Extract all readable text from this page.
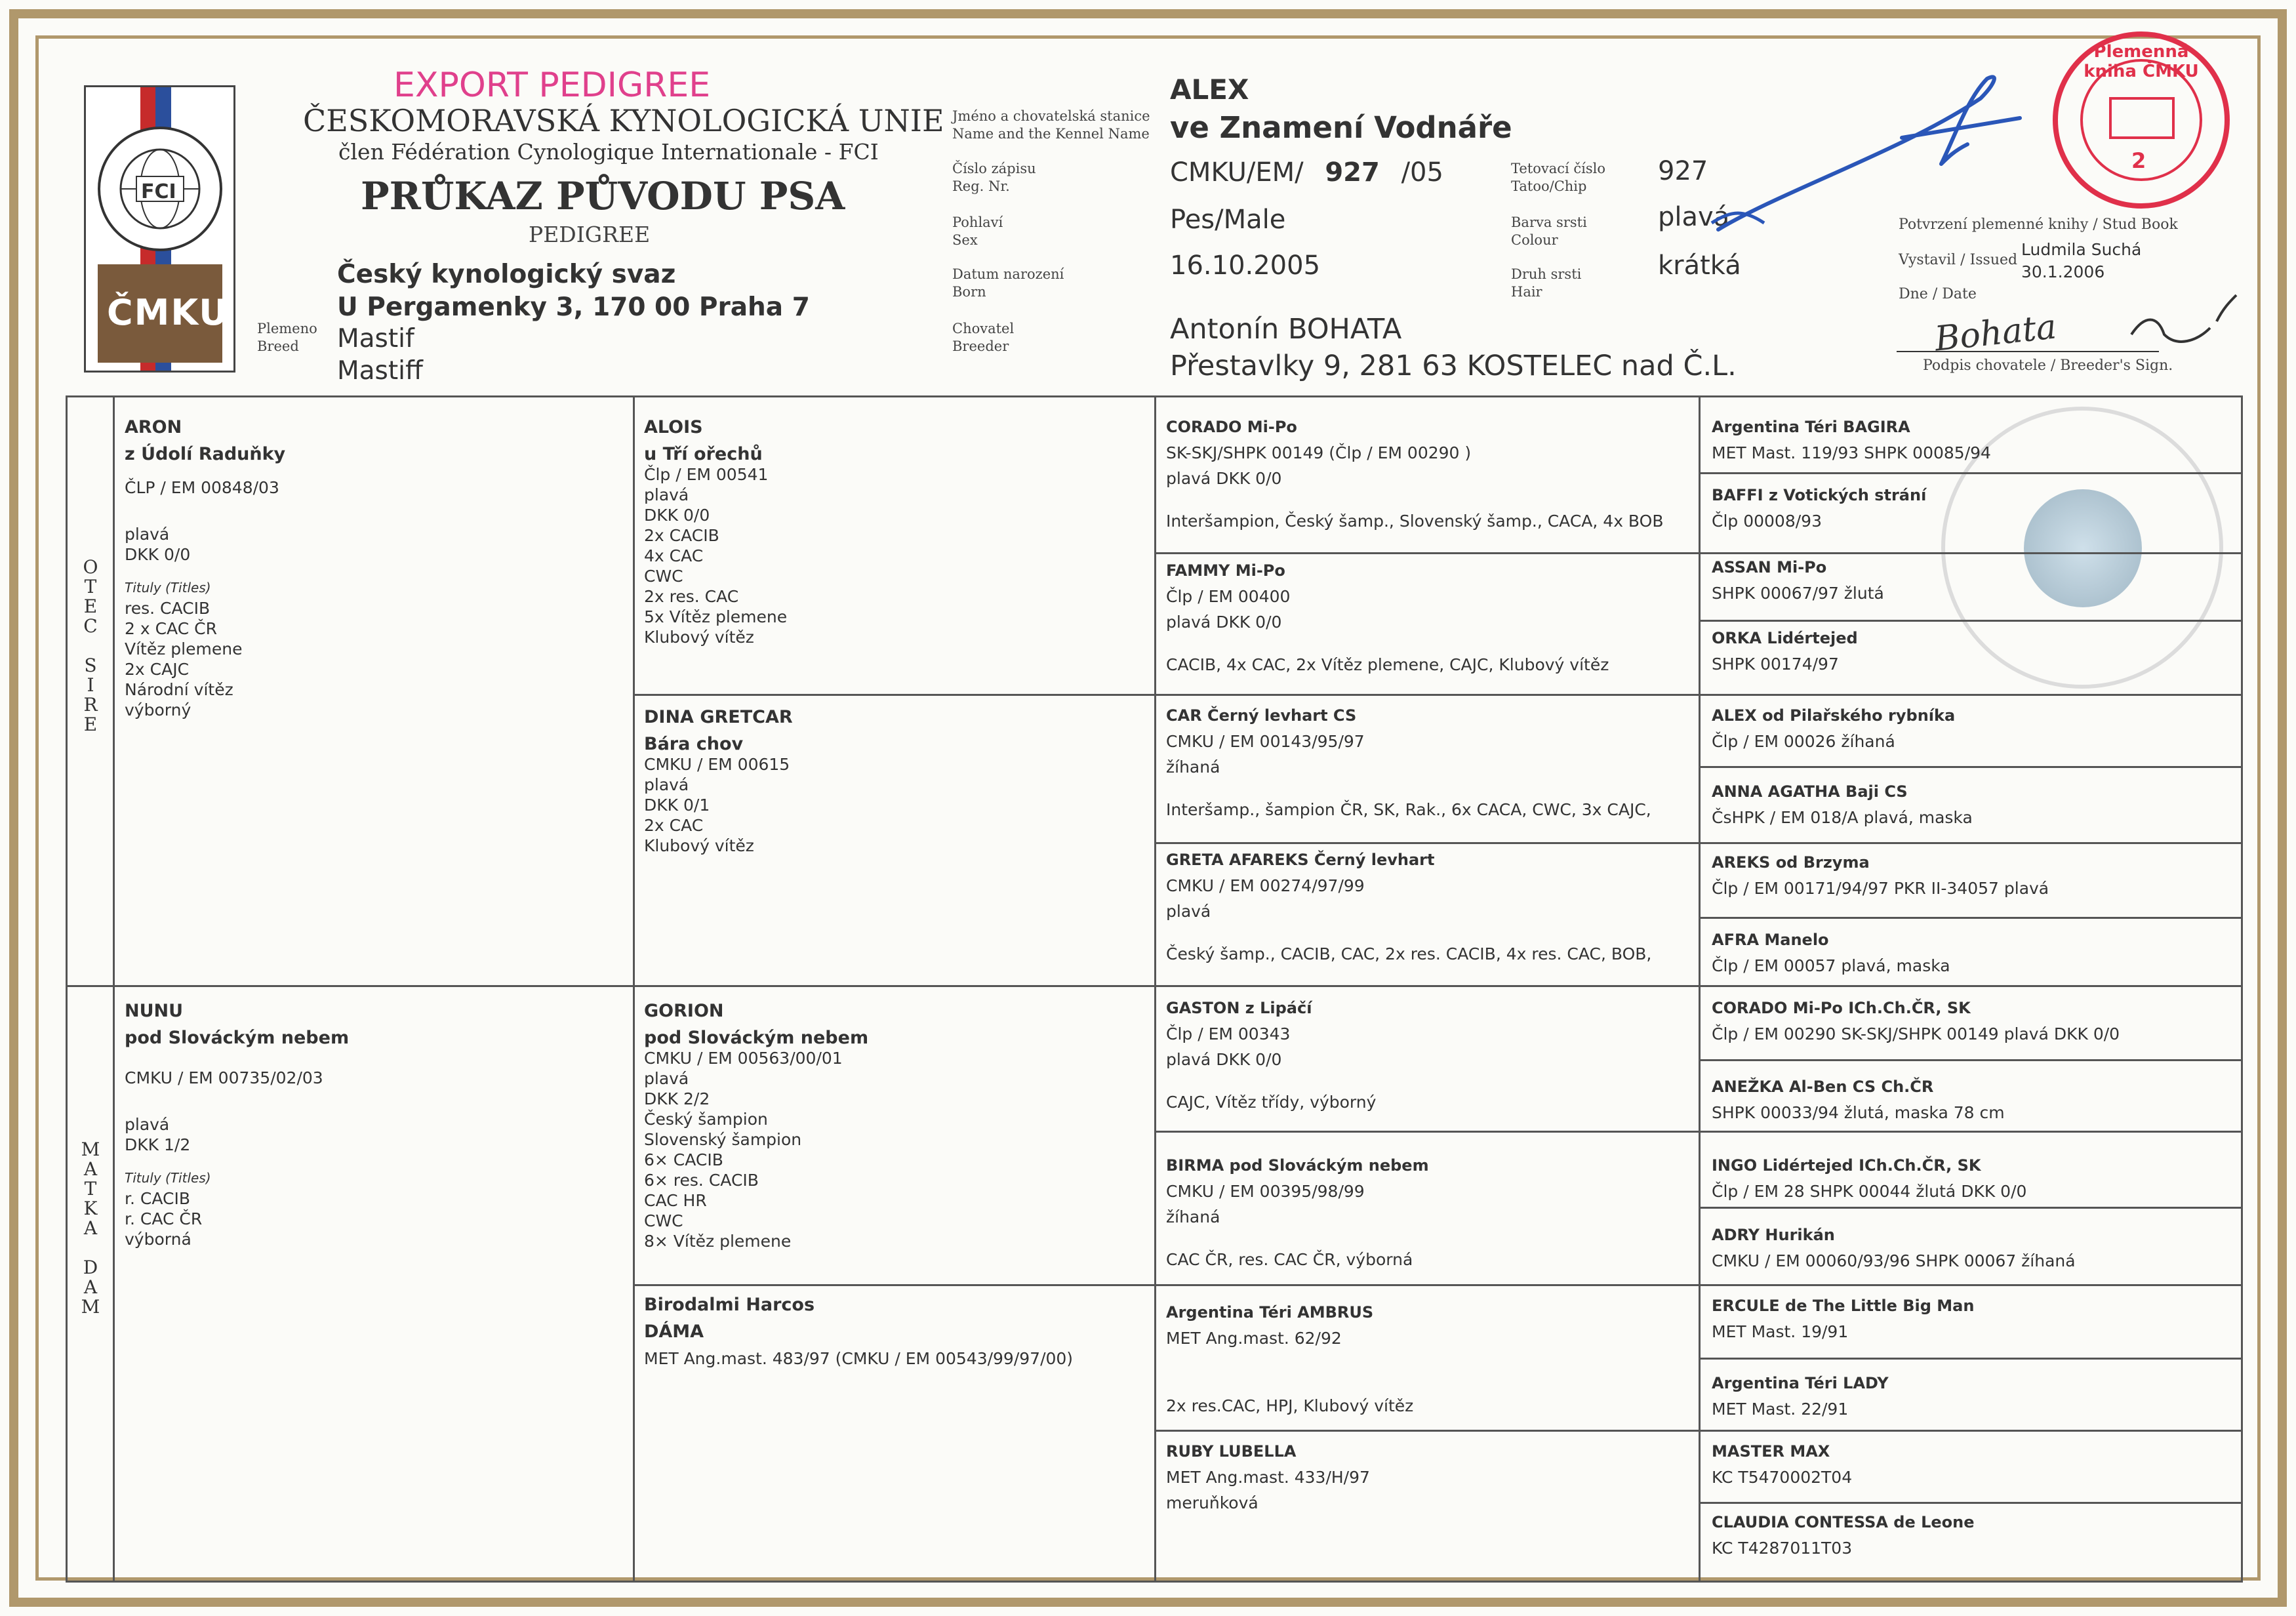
FCI
ČMKU
EXPORT PEDIGREE
ČESKOMORAVSKÁ KYNOLOGICKÁ UNIE
člen Fédération Cynologique Internationale - FCI
PRŮKAZ PŮVODU PSA
PEDIGREE
Český kynologický svaz
U Pergamenky 3, 170 00 Praha 7
Plemeno
Breed	Mastif
Mastiff
Jméno a chovatelská stanice
Name and the Kennel Name
Číslo zápisu
Reg. Nr.
Pohlaví
Sex
Datum narození
Born
Chovatel
Breeder
ALEX
ve Znamení Vodnáře
CMKU/EM/ 927 /05
Pes/Male
16.10.2005
Antonín BOHATA
Přestavlky 9, 281 63 KOSTELEC nad Č.L.
Tetovací číslo
Tatoo/Chip
Barva srsti
Colour
Druh srsti
Hair
927
plavá
krátká
Potvrzení plemenné knihy / Stud Book
Vystavil / Issued
Ludmila Suchá
30.1.2006
Dne / Date
Podpis chovatele / Breeder's Sign.
Bohata
Plemenná kniha ČMKU
2
O
T
E
C
S
I
R
E
M
A
T
K
A
D
A
M
ARON
z Údolí Raduňky
ČLP / EM 00848/03
plavá
DKK 0/0
Tituly (Titles)
res. CACIB
2 x CAC ČR
Vítěz plemene
2x CAJC
Národní vítěz
výborný
NUNU
pod Slováckým nebem
CMKU / EM 00735/02/03
plavá
DKK 1/2
Tituly (Titles)
r. CACIB
r. CAC ČR
výborná
ALOIS
u Tří ořechů
Člp / EM 00541
plavá
DKK 0/0
2x CACIB
4x CAC
CWC
2x res. CAC
5x Vítěz plemene
Klubový vítěz
DINA GRETCAR
Bára chov
CMKU / EM 00615
plavá
DKK 0/1
2x CAC
Klubový vítěz
GORION
pod Slováckým nebem
CMKU / EM 00563/00/01
plavá
DKK 2/2
Český šampion
Slovenský šampion
6× CACIB
6× res. CACIB
CAC HR
CWC
8× Vítěz plemene
Birodalmi Harcos
DÁMA
MET Ang.mast. 483/97 (CMKU / EM 00543/99/97/00)
CORADO Mi-Po
SK-SKJ/SHPK 00149 (Člp / EM 00290 )
plavá DKK 0/0
Interšampion, Český šamp., Slovenský šamp., CACA, 4x BOB
FAMMY Mi-Po
Člp / EM 00400
plavá DKK 0/0
CACIB, 4x CAC, 2x Vítěz plemene, CAJC, Klubový vítěz
CAR Černý levhart CS
CMKU / EM 00143/95/97
žíhaná
Interšamp., šampion ČR, SK, Rak., 6x CACA, CWC, 3x CAJC,
GRETA AFAREKS Černý levhart
CMKU / EM 00274/97/99
plavá
Český šamp., CACIB, CAC, 2x res. CACIB, 4x res. CAC, BOB,
GASTON z Lipáčí
Člp / EM 00343
plavá DKK 0/0
CAJC, Vítěz třídy, výborný
BIRMA pod Slováckým nebem
CMKU / EM 00395/98/99
žíhaná
CAC ČR, res. CAC ČR, výborná
Argentina Téri AMBRUS
MET Ang.mast. 62/92
2x res.CAC, HPJ, Klubový vítěz
RUBY LUBELLA
MET Ang.mast. 433/H/97
meruňková
Argentina Téri BAGIRA
MET Mast. 119/93 SHPK 00085/94
BAFFI z Votických strání
Člp 00008/93
ASSAN Mi-Po
SHPK 00067/97 žlutá
ORKA Lidértejed
SHPK 00174/97
ALEX od Pilařského rybníka
Člp / EM 00026 žíhaná
ANNA AGATHA Baji CS
ČsHPK / EM 018/A plavá, maska
AREKS od Brzyma
Člp / EM 00171/94/97 PKR II-34057 plavá
AFRA Manelo
Člp / EM 00057 plavá, maska
CORADO Mi-Po ICh.Ch.ČR, SK
Člp / EM 00290 SK-SKJ/SHPK 00149 plavá DKK 0/0
ANEŽKA Al-Ben CS Ch.ČR
SHPK 00033/94 žlutá, maska 78 cm
INGO Lidértejed ICh.Ch.ČR, SK
Člp / EM 28 SHPK 00044 žlutá DKK 0/0
ADRY Hurikán
CMKU / EM 00060/93/96 SHPK 00067 žíhaná
ERCULE de The Little Big Man
MET Mast. 19/91
Argentina Téri LADY
MET Mast. 22/91
MASTER MAX
KC T5470002T04
CLAUDIA CONTESSA de Leone
KC T4287011T03
